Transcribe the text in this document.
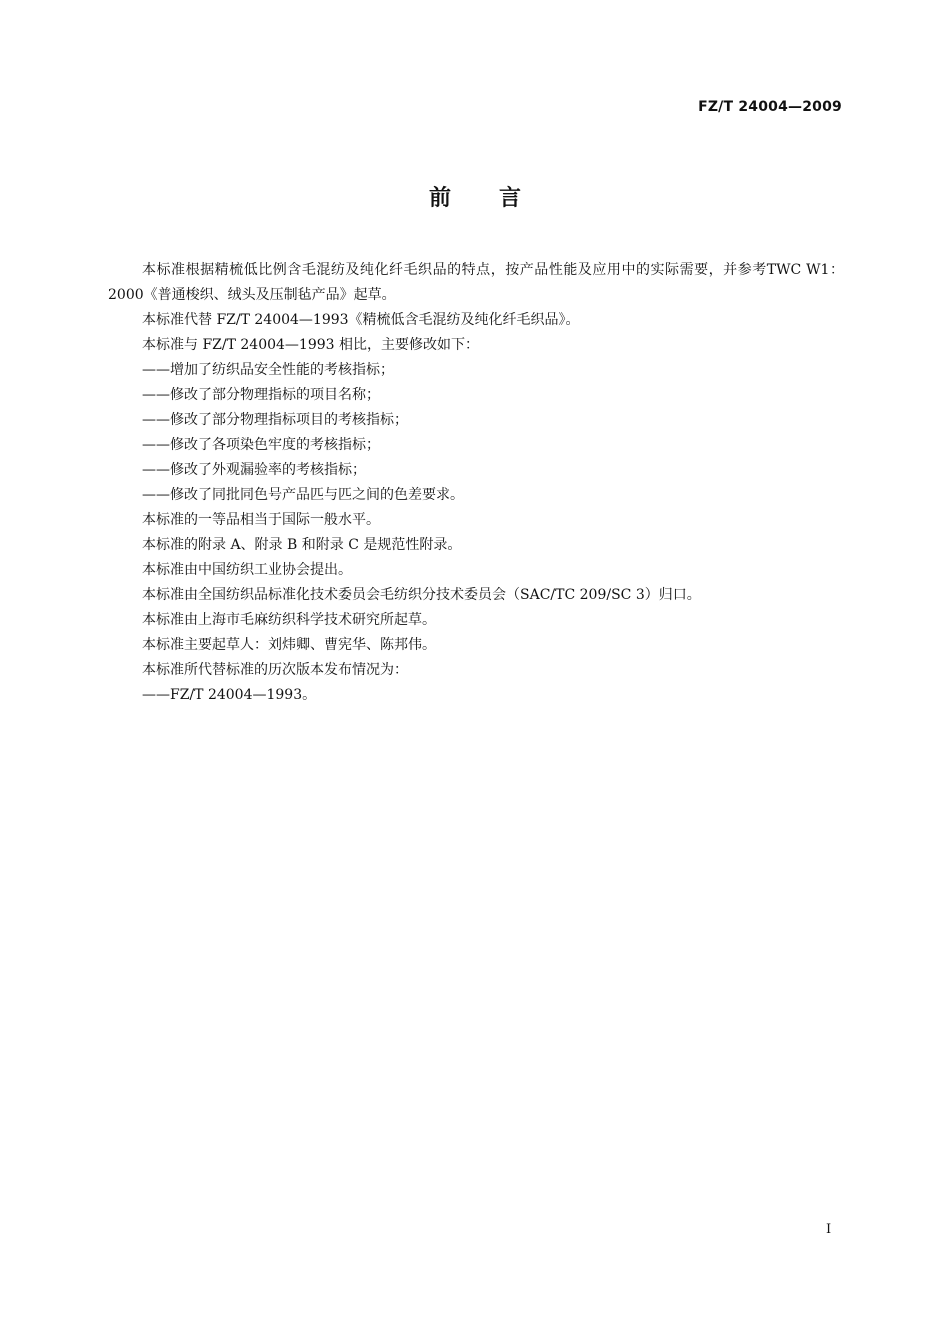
FZ/T 24004—2009
前言

本标准根据精梳低比例含毛混纺及纯化纤毛织品的特点，按产品性能及应用中的实际需要，并参考TWC W1：2000《普通梭织、绒头及压制毡产品》起草。

本标准代替 FZ/T 24004—1993《精梳低含毛混纺及纯化纤毛织品》。

本标准与 FZ/T 24004—1993 相比，主要修改如下：

——增加了纺织品安全性能的考核指标；

——修改了部分物理指标的项目名称；

——修改了部分物理指标项目的考核指标；

——修改了各项染色牢度的考核指标；

——修改了外观漏验率的考核指标；

——修改了同批同色号产品匹与匹之间的色差要求。

本标准的一等品相当于国际一般水平。

本标准的附录 A、附录 B 和附录 C 是规范性附录。

本标准由中国纺织工业协会提出。

本标准由全国纺织品标准化技术委员会毛纺织分技术委员会（SAC/TC 209/SC 3）归口。

本标准由上海市毛麻纺织科学技术研究所起草。

本标准主要起草人：刘炜卿、曹宪华、陈邦伟。

本标准所代替标准的历次版本发布情况为：

——FZ/T 24004—1993。

I
